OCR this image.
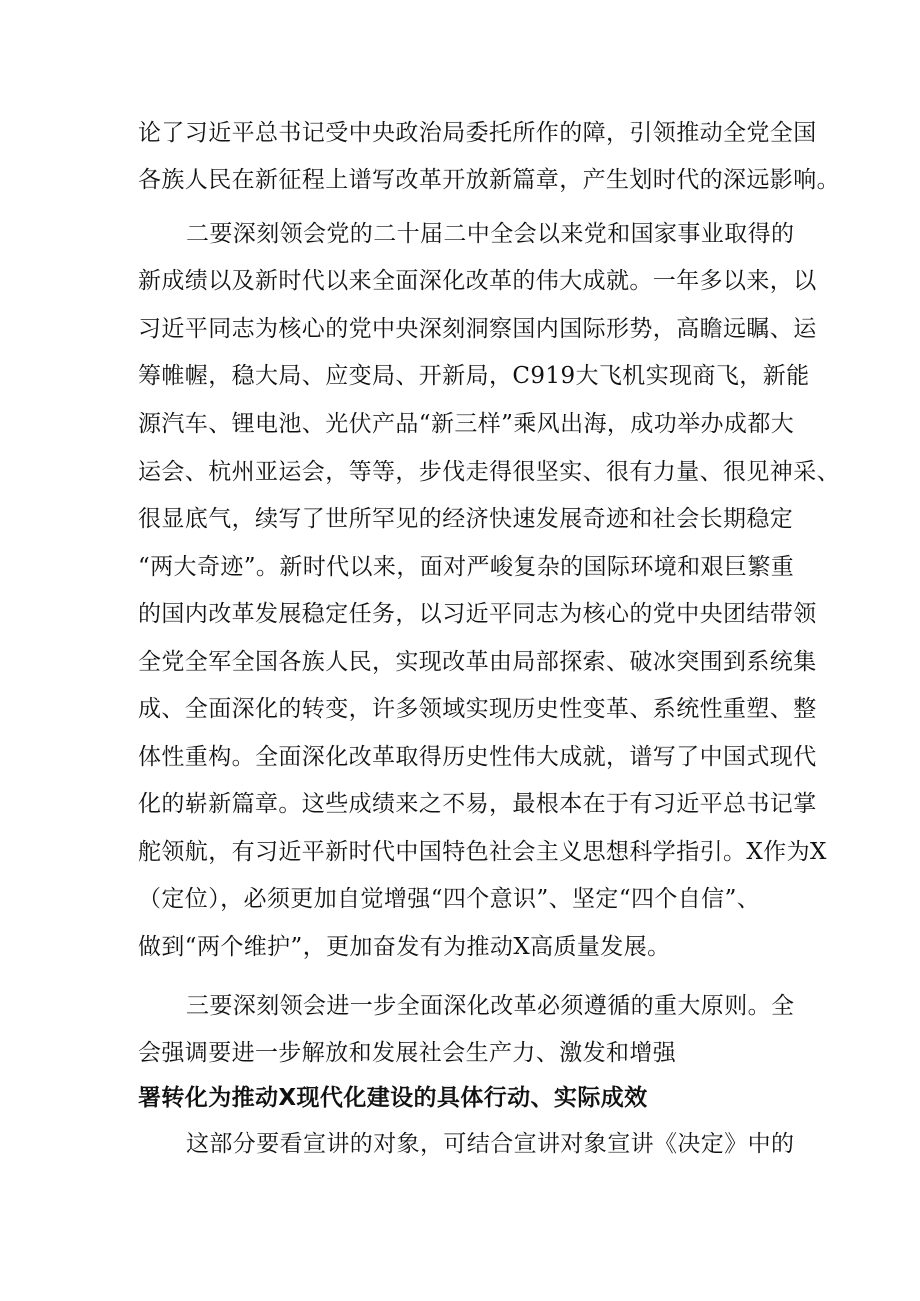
论了习近平总书记受中央政治局委托所作的障，引领推动全党全国
各族人民在新征程上谱写改革开放新篇章，产生划时代的深远影响。
二要深刻领会党的二十届二中全会以来党和国家事业取得的
新成绩以及新时代以来全面深化改革的伟大成就。一年多以来，以
习近平同志为核心的党中央深刻洞察国内国际形势，高瞻远瞩、运
筹帷幄，稳大局、应变局、开新局，C919大飞机实现商飞，新能
源汽车、锂电池、光伏产品“新三样”乘风出海，成功举办成都大
运会、杭州亚运会，等等，步伐走得很坚实、很有力量、很见神采、
很显底气，续写了世所罕见的经济快速发展奇迹和社会长期稳定
“两大奇迹”。新时代以来，面对严峻复杂的国际环境和艰巨繁重
的国内改革发展稳定任务，以习近平同志为核心的党中央团结带领
全党全军全国各族人民，实现改革由局部探索、破冰突围到系统集
成、全面深化的转变，许多领域实现历史性变革、系统性重塑、整
体性重构。全面深化改革取得历史性伟大成就，谱写了中国式现代
化的崭新篇章。这些成绩来之不易，最根本在于有习近平总书记掌
舵领航，有习近平新时代中国特色社会主义思想科学指引。X作为X
（定位），必须更加自觉增强“四个意识”、坚定“四个自信”、
做到“两个维护”，更加奋发有为推动X高质量发展。
三要深刻领会进一步全面深化改革必须遵循的重大原则。全
会强调要进一步解放和发展社会生产力、激发和增强
署转化为推动X现代化建设的具体行动、实际成效
这部分要看宣讲的对象，可结合宣讲对象宣讲《决定》中的
